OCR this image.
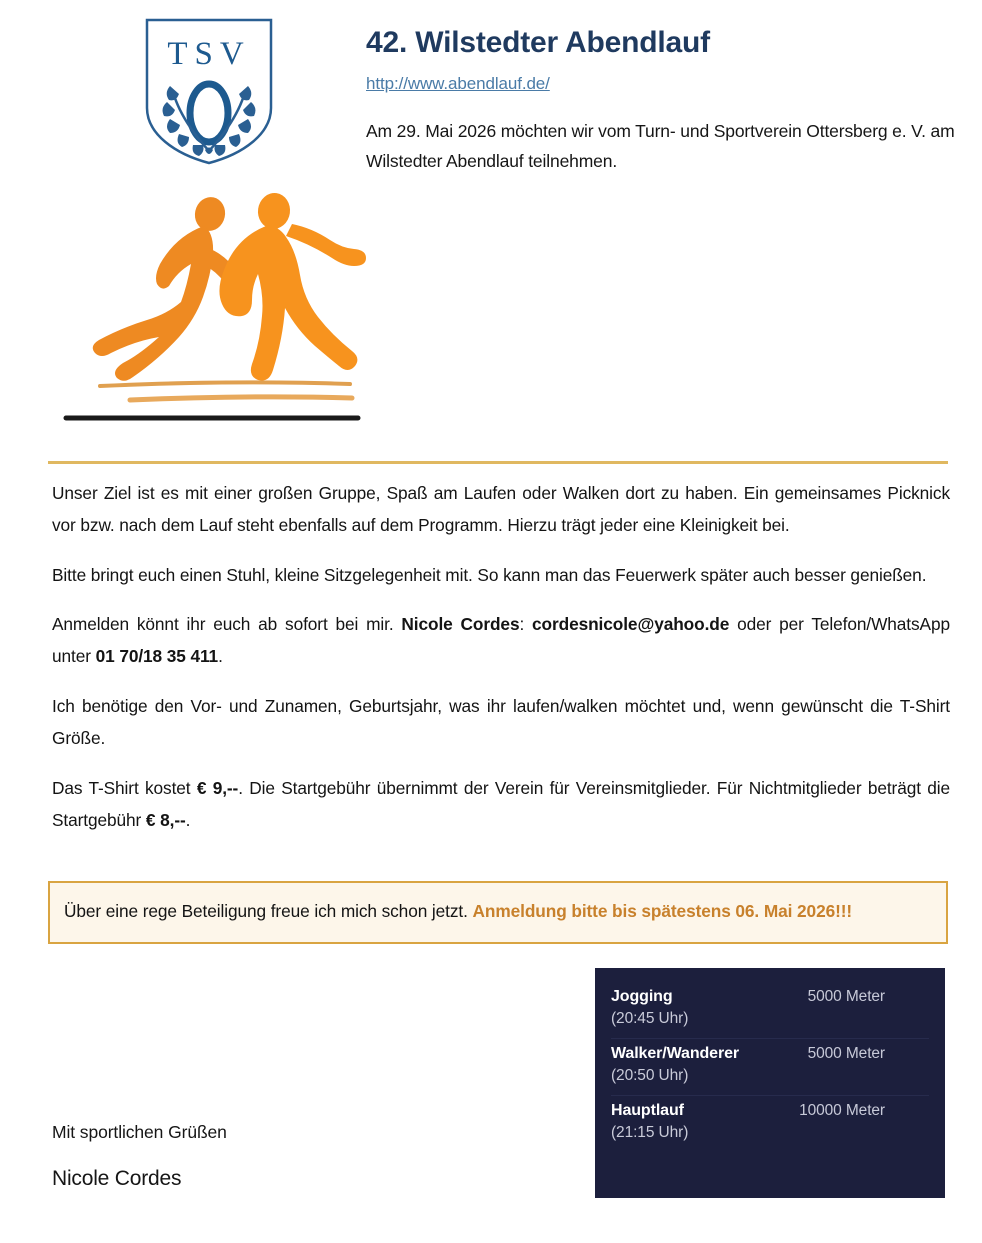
TSV	42. Wilstedter Abendlauf
http://www.abendlauf.de/

Am 29. Mai 2026 möchten wir vom Turn- und Sportverein Ottersberg e. V. am Wilstedter Abendlauf teilnehmen.

Unser Ziel ist es mit einer großen Gruppe, Spaß am Laufen oder Walken dort zu haben. Ein gemeinsames Picknick vor bzw. nach dem Lauf steht ebenfalls auf dem Programm. Hierzu trägt jeder eine Kleinigkeit bei.

Bitte bringt euch einen Stuhl, kleine Sitzgelegenheit mit. So kann man das Feuerwerk später auch besser genießen.

Anmelden könnt ihr euch ab sofort bei mir. Nicole Cordes: cordesnicole@yahoo.de oder per Telefon/WhatsApp unter 01 70/18 35 411.

Ich benötige den Vor- und Zunamen, Geburtsjahr, was ihr laufen/walken möchtet und, wenn gewünscht die T-Shirt Größe.

Das T-Shirt kostet € 9,--. Die Startgebühr übernimmt der Verein für Vereinsmitglieder. Für Nichtmitglieder beträgt die Startgebühr € 8,--.

Über eine rege Beteiligung freue ich mich schon jetzt. Anmeldung bitte bis spätestens 06. Mai 2026!!!

Jogging	5000 Meter
(20:45 Uhr)
Walker/Wanderer	5000 Meter
(20:50 Uhr)
Hauptlauf	10000 Meter
(21:15 Uhr)

Mit sportlichen Grüßen

Nicole Cordes
